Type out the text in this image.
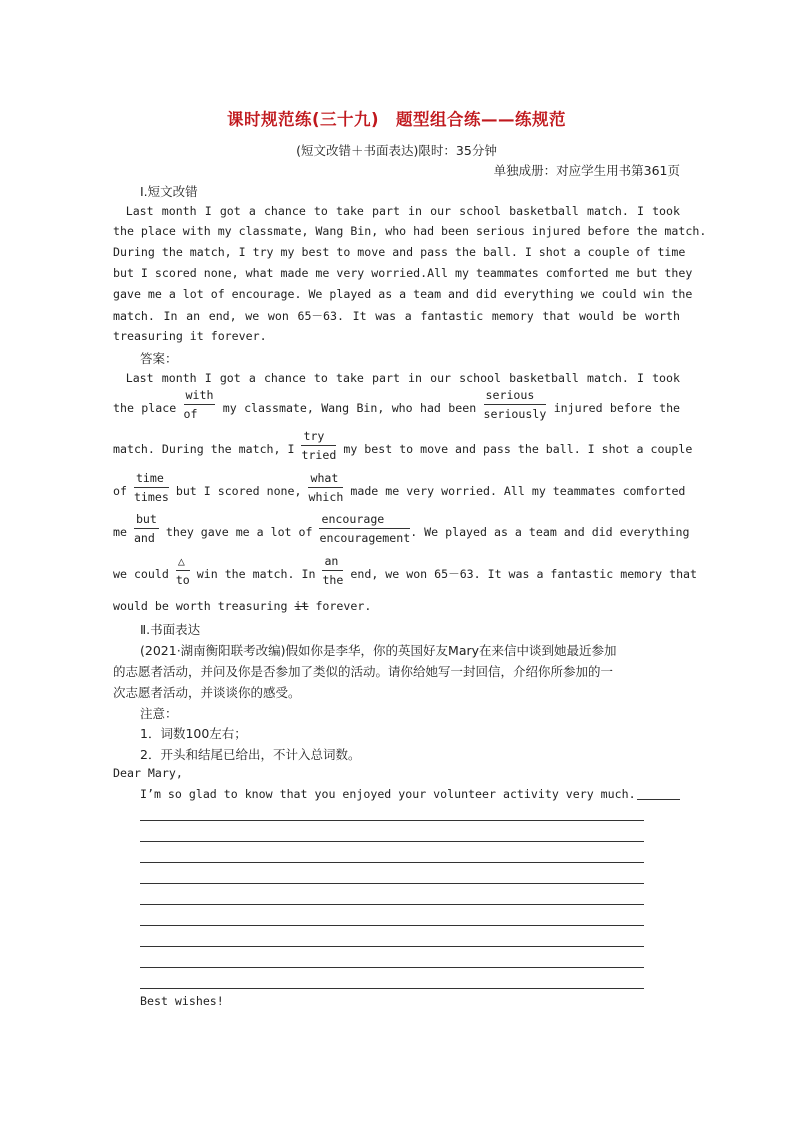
课时规范练(三十九)　题型组合练——练规范
(短文改错＋书面表达)限时：35分钟
单独成册：对应学生用书第361页
Ⅰ.短文改错
　Last month I got a chance to take part in our school basketball match. I took
the place with my classmate, Wang Bin, who had been serious injured before the match.
During the match, I try my best to move and pass the ball. I shot a couple of time
but I scored none, what made me very worried.All my teammates comforted me but they
gave me a lot of encourage. We played as a team and did everything we could win the
match. In an end, we won 65－63. It was a fantastic memory that would be worth
treasuring it forever.
答案：
　Last month I got a chance to take part in our school basketball match. I took
the place $\frac{\text{with}}{of}$ my classmate, Wang Bin, who had been $\frac{\text{serious}}{\text{seriously}}$ injured before the
match. During the match, I $\frac{\text{try}}{\text{tried}}$ my best to move and pass the ball. I shot a couple
of $\frac{\text{time}}{\text{times}}$ but I scored none, $\frac{\text{what}}{\text{which}}$ made me very worried. All my teammates comforted
me $\frac{\text{but}}{\text{and}}$ they gave me a lot of $\frac{\text{encourage}}{\text{encouragement}}$ . We played as a team and did everything
we could $\frac{\triangle}{to}$ win the match. In $\frac{an}{\text{the}}$ end, we won 65－63. It was a fantastic memory that
would be worth treasuring it forever.
Ⅱ.书面表达
(2021·湖南衡阳联考改编)假如你是李华，你的英国好友Mary在来信中谈到她最近参加
的志愿者活动，并问及你是否参加了类似的活动。请你给她写一封回信，介绍你所参加的一
次志愿者活动，并谈谈你的感受。
注意：
1．词数100左右；
2．开头和结尾已给出，不计入总词数。
Dear Mary,
I’m so glad to know that you enjoyed your volunteer activity very much.
Best wishes!
